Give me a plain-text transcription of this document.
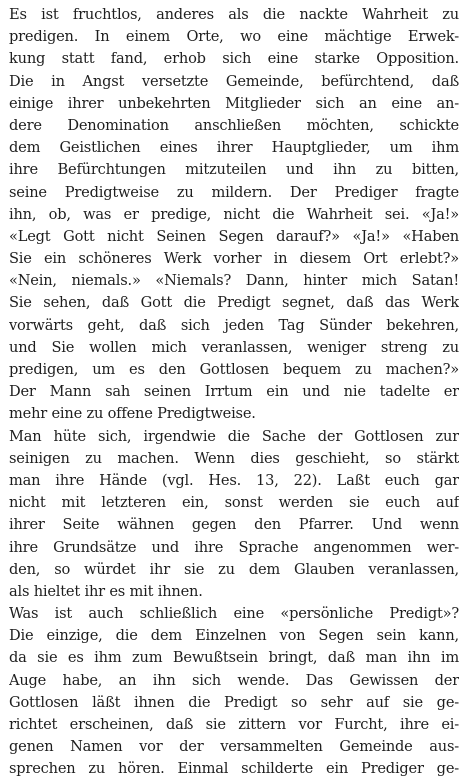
Es ist fruchtlos, anderes als die nackte Wahrheit zu
predigen. In einem Orte, wo eine mächtige Erwek-
kung statt fand, erhob sich eine starke Opposition.
Die in Angst versetzte Gemeinde, befürchtend, daß
einige ihrer unbekehrten Mitglieder sich an eine an-
dere Denomination anschließen möchten, schickte
dem Geistlichen eines ihrer Hauptglieder, um ihm
ihre Befürchtungen mitzuteilen und ihn zu bitten,
seine Predigtweise zu mildern. Der Prediger fragte
ihn, ob, was er predige, nicht die Wahrheit sei. «Ja!»
«Legt Gott nicht Seinen Segen darauf?» «Ja!» «Haben
Sie ein schöneres Werk vorher in diesem Ort erlebt?»
«Nein, niemals.» «Niemals? Dann, hinter mich Satan!
Sie sehen, daß Gott die Predigt segnet, daß das Werk
vorwärts geht, daß sich jeden Tag Sünder bekehren,
und Sie wollen mich veranlassen, weniger streng zu
predigen, um es den Gottlosen bequem zu machen?»
Der Mann sah seinen Irrtum ein und nie tadelte er
mehr eine zu offene Predigtweise.
Man hüte sich, irgendwie die Sache der Gottlosen zur
seinigen zu machen. Wenn dies geschieht, so stärkt
man ihre Hände (vgl. Hes. 13, 22). Laßt euch gar
nicht mit letzteren ein, sonst werden sie euch auf
ihrer Seite wähnen gegen den Pfarrer. Und wenn
ihre Grundsätze und ihre Sprache angenommen wer-
den, so würdet ihr sie zu dem Glauben veranlassen,
als hieltet ihr es mit ihnen.
Was ist auch schließlich eine «persönliche Predigt»?
Die einzige, die dem Einzelnen von Segen sein kann,
da sie es ihm zum Bewußtsein bringt, daß man ihn im
Auge habe, an ihn sich wende. Das Gewissen der
Gottlosen läßt ihnen die Predigt so sehr auf sie ge-
richtet erscheinen, daß sie zittern vor Furcht, ihre ei-
genen Namen vor der versammelten Gemeinde aus-
sprechen zu hören. Einmal schilderte ein Prediger ge-
